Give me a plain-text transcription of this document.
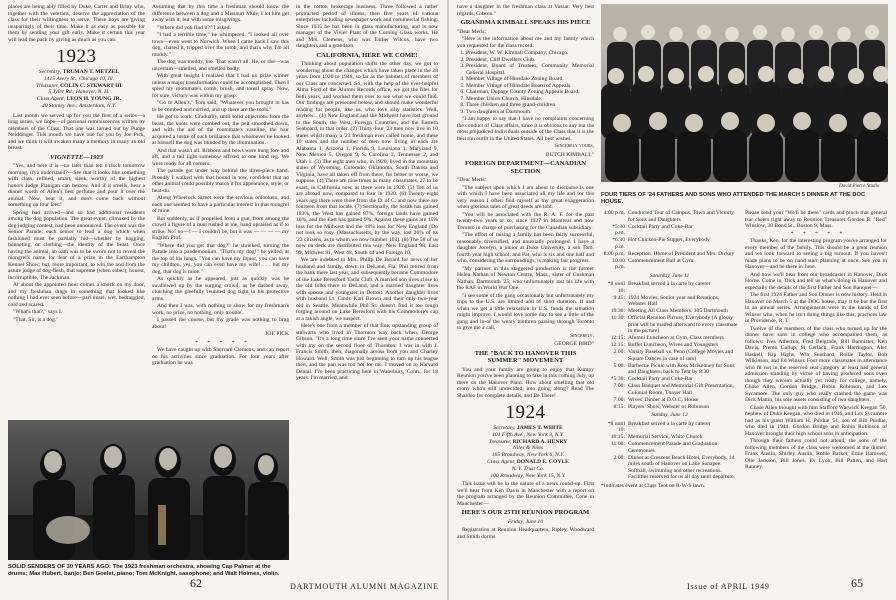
places are being ably filled by Duke, Carter and Briny who, together with the veterans, deserve the appreciation of the class for their willingness to serve. These boys are giving unsparingly of their time. Make it as easy as possible for them by sending your gift early. Make it certain this year will lead the pack by giving as much as you can.

1923

Secretary, TRUMAN T. METZEL

1415 Avery St., Chicago 10, Ill.

Treasurer, COLIN C. STEWART III

5 Tyler Rd., Hanover, N. H.

Class Agent, LEON H. YOUNG JR.

40 Stanley Ave., Amsterdam, N.Y.

Last month we served up for you the first of a series—a long series, we hope—of personal reminiscences written by members of the Class. That one was turned out by Pudge Neiddinger. This month we have one for you by Joe Pick, and we think it will awaken many a memory in many an old breast.

VIGNETTE—1923

"Yes, and here it is—no later than ten o'clock tomorrow morning, d'ya understand?—See that it looks like something with class, refined, smart, sleek, worthy of the highest honors Judge Flanigan can bestow. And if it smells, hear a dinner worth of Allen's best perfume and pour it over the animal. Now, beat it, and don't come back without something on four feet."

Spring had arrived—and so had additional residents among the dog population. The great event, climaxed by the dog judging contest, had been announced. The event was the Senior Parade, each senior to lead a dog which when fashioned must be partially hid—whether by bagging, bonneting, or clothing—the identity of the beast. Once having the animal, an oath was to be sworn not to reveal the mongrel's name for fear of a prize in the Earthampton Kennel Show; but, more important, to win the nod from the astute judge of dog-flesh, that supreme (when sober), honest, incorruptible, The Jackman.

At about the appointed hour comes a knock on my door, and my freshman drags in something that looked like nothing I had ever seen before—part tinsel, wet, bedraggled, cold and scared.

"What's that?," says I.

"That, Sir, is a dog."

Assuming that by this time a freshman should know the difference between a dog and a Missouri Mule, I let him get away with it, but with some misgivings.

"Where did you find it?" I asked.

"I had a terrible time," he whimpered. "I looked all over town—even went to Norwich. When I came back I saw this dog, chased it, tripped over the tomb, and that's why I'm all muddy."

The dog was muddy, too. That wasn't all. He, or she—was uncertain—smelled, and smelled badly.

With great insight I realized that I had no prize winner unless a major transformation could be accomplished. Then I spied my roommate's comb, brush, and tonsil spray. Now, for sure, victory was within my grasp.

"Go to Allen's," Tom said, "Whatever you brought in has to be combed and curried, and up there are the tools."

He got to work. Gradually, until solid objections from the beast, the knots were combed out, the pelt smoothed down, and with the aid of the roommate's vaseline, the hair acquired a lustre of such brilliance that whomever he looked at himself the dog was blinded by the illumination.

And that wasn't all. Ribbons and bows were hung fore and aft, and a tail light somehow affixed to one hind leg. We were ready for all comers.

The parade got under way behind the three-piece band. Proudly I walked with that hound in tow, confident that no other animal could possibly match it for appearance, style, or heat-du.

Along Wheelock Street were the envious onlookers, and each one seemed to have a particular interest in that mongrel of mine.

But suddenly, as if propelled from a gun, from among the crowd a figure of a man rushed at me, hand upraised as if to strike. No! no—! — I couldn't be, but it was — — — — my English Prof.

"Where did you get that dog?" he shrieked, turning the Parade into a pandemonium. "That's my dog!" he yelled, at the top of his lungs. "You can have my liquor, you can have my children, yes, you can even have my wife! . . . but my dog, that dog is mine."

As quickly as he appeared, just as quickly was he swallowed up by the surging crowd, as he dashed away, clutching the gleefully reunited dog tight in his protective arms.

And then I was, with nothing to show for my freshman's work, no prize, no nothing, only trouble.

I passed the course, but my grade was nothing to brag about!

JOE PICK

* * * * *

We have caught up with Sherrard Clemens, and can report on his activities since graduation. For four years after graduation he was

in the cotton brokerage business. Three followed a rather protracted period of illness, then five years of various enterprises including newspaper work and commercial fishing. Since 1935 he has been in glass manufacturing, and is now manager of the Vivier Plant of the Corning Glass works. He and Mrs. Clemens, who was Esther Wilcox, have two daughters and a grandson.

CALIFORNIA, HERE WE COME!

Thinking about population shifts the other day, we got to wondering about the changes which have taken place in the 28 years from 1920 to 1948, so far as the habitats of members of our Class are concerned. So, with the help of the ever-helpful Alma Ford of the Alumni Records office, we got the files for both years, and worked them over to see what we could find. Our findings are presented below, and should make wonderful reading for people, like us, who love silly statistics. Well, anyhow... (1) New England and the Midwest have lost ground to the South, the West, Foreign Countries, and the Eastern Seaboard, in that order. (2) Thirty-four '23 men now live in 10 states which many a '23 freshman ever called home, and these 10 states and the number of men now living in each are Alabama 1, Arizona 1, Florida 9, Louisiana 1, Maryland 9, New Mexico 5, Oregon 9, S. Carolina 2, Tennessee 2, and Utah 1. (3) The eight men who, in 1920, lived in the mountain states of Wyoming, Colorado, Oklahoma, South Dakota and Virginia, have all taken off from there, for better or worse, we suppose. (4) There are nine times as many classmates, 27 to be exact, in California now, as there were in 1920. (5) Ten of us are abroad now, compared to four in 1920. (6) Twenty-eight years ago there were three from the D. of C. and now there are fourteen from that locale. (7) Sectionally, the South has gained 183%, the West has gained 87%, foreign lands have gained 16%, and the East has gained 9%. Against these gains are 15% loss for the Midwest and the 18% loss for New England (Do not look so rosy. (Massachusetts, by the way, lost 26% of its '23 citizens, as to whom we now number 103). (8) The 58 of us now on deck are distributed this way: New England 98, East 99, Midwest 91, West 48, South 44 and Foreign 10.

We are indebted to Mrs. Philip De Berard for news of her husband and family, down in DeLand, Fla. Phil retired from the bank there last year, and subsequently became Commodore of the Lake Beresford Yacht Club. A married son lives close to the old folks there in DeLand, and a married daughter lives with spouse and youngster in Detroit. Another daughter lives with husband Lt. Cmdr. Karl Brown and their only two-year old in Seattle. Meanwhile Phil Sr. doesn't find it too tough forging around on Lake Beresford with his Commodore's cap at a rakish angle, we suspect.

Here's one from a member of that fine, upstanding group of stalwarts who lived in Thornton way back when, George Gibson. "It's a long time since I've seen your name connected with my on the second floor of Thornton. I was in with J. Francis Smith, then, diagonally across from you and Charley Howard. Well, Smith was just beginning to turn up his league then, and the pan was too hot for me. I moved on to Harvard Dental. I've been practicing here in Waterbury, Conn., for 18 years. I'm married, and

SOLID SENDERS OF 30 YEARS AGO: The 1923 freshman orchestra, showing Cap Palmer at the drums; Max Hubert, banjo; Ben Goelet, piano; Tom McKnight, saxophone; and Walt Holmes, violin.
62	DARTMOUTH ALUMNI MAGAZINE

have a daughter in the freshman class at Vassar. Very best regards, Gibson."

GRANDMA KIMBALL SPEAKS HIS PIECE

"Dear Meris:

"Here is the information about me and my family which you requested for the class record:

1. President, W. W. Kimball Company, Chicago.
2. President, Cliff Dwellers Club.
3. President, Board of Trustees, Community Memorial General Hospital.
4. Member Village of Hinsdale Zoning Board.
5. Member Village of Hinsdale Board of Appeals.
6. Chairman, Dupage County Zoning Appeals Board.
7. Member Union Church, Hinsdale.
8. Three children and three grand-children.
9. Two daughters at Dartmouth.

"I am happy to say that I have no complaints concerning the conduct of Class affairs, since it is obvious to any but the most prejudiced individuals outside of the Class that it is the best run outfit in the United States. All best wishes.

Sincerely yours,

BUTCH KIMBALL"

FOREIGN DEPARTMENT—CANADIAN SECTION

"Dear Meris:

"The subject upon which I am about to discourse is one with which I have been associated all my life and for this very reason I often find myself at my great exaggeration when glorious tales of great deeds are told.

"You will be associated with the R. A. F. for the past twenty-two years or so, since 1927 in Montreal and now Toronto in charge of purchasing for the Canadian subsidiary.

"The effort of raising a family has been fairly successful, reasonably diversified, and unusually prolonged. I have a daughter Jocelyn, a junior at Duke University, a son Tom, fourth year high school; and Pat, who is six and one half and who, considering the surroundings, is making fair progress.

"My partner in this staggered production is the former Helen Nathan of Newton Centre, Mass., sister of Cushman Nathan, Dartmouth '25, who unfortunately lost his life with the RAF in World War One.

"I see some of the gang occasionally but unfortunately my trips to the U.S. are limited and of short duration. If and when we get a little relaxation in U.S. funds the situation might improve. I would love some day to see a little of the gang and in-of the weary brethren passing through Toronto to give me a call.

Sincerely,

GEORGE BIRD"

THE "BACK TO HANOVER THIS SUMMER" MOVEMENT

You and your family are going to enjoy that Kumpy Reunion you've been planning to take in this coming July, up there on the Hanover Plain. How about smelling that old crony who's still undecided, into going along? Read The Shaldoo for complete details, and Be There!

1924

Secretary, JAMES T. WHITE

101 Fifth Ave., New York 3, N.Y.

Treasurer, RICHARD A. HENRY

Niles & Niles

165 Broadway, New York 6, N.Y.

Class Agent, DONALD E. COYLE

N. Y. Trust Co.

100 Broadway, New York 15, N.Y.

This issue will be in the nature of a news round-up. First we'll hear from Ken Davis in Manchester with a report on the program arranged by the Reunion Committee, Cone in Manchester—

HERE'S OUR 25TH REUNION PROGRAM

Friday, June 10

Registration at Reunion Headquarters, Ripley, Woodward and Smith dorms

David Pierce Studio
FOUR TIERS OF '24 FATHERS AND SONS WHO ATTENDED THE MARCH 5 DINNER AT THE DOC HOUSE.
4:00 p.m. Conducted Tour of Campus, Town and Vicinity for Sons and Daughters
*5:30 p.m.
Cocktail Party and Coke-Bar
*6:30 p.m.
Hot Chicken-Pie Supper, Everybody
8:00 p.m. Reception, Home of President and Mrs. Dickey
10:00 p.m.
Commencement Ball at Gym

Saturday, June 11

*8 until 10:
Breakfast served à la carte by caterer
9:45: 1924 Movies, Senior year and Reunions, Webster Hall
10:30: Meeting All Class Members, 105 Dartmouth
11:30: Official Reunion Picture, Everybody (A glossy print will be mailed afterward to every classmate in the picture)
12:15: Alumni Luncheon at Gym, Class members
12:15: Buffet Luncheon, Wives and Youngsters
2:00: Varsity Baseball vs. Penn (College Movies and Square Dances in case of rain)
5:00: Barbecue Picnic with Ross McKenney for Sons and Daughters, back to Tent by 8:30
*5:30: Cocktail Party and Coke-Bar
7:00: Class Banquet and Memorial Gift Presentation, Colonial Room, Thayer Hall
7:00: Wives' Dinner at D.O.C. House
8:15: Players' Show, Webster or Robinson

Sunday, June 12

*8 until 10:
Breakfast served à la carte by caterer
10:15: Memorial Service, White Church
11:00: Commencement Parade and Graduation Ceremonies
2:00: Dinner at Crescent Beach Hotel, Everybody. 14 miles south of Hanover on Lake Sunapee. Softball, swimming and other recreations. Facilities reserved for us all day until departure.

*Indicates event at Class Tent on R-W-S lawn.

Please send your "We'll be there" cards and pinch that general tsar cheers right away to Reunion Treasurer Gordon B. "Red" Winslow, 30 Bond St., Boston 9, Mass.

* * * * *

Thanks, Ken, for the interesting program you've arranged for every member of the family. This should be a great reunion and we look forward to seeing a big turnout. If you haven't made plans to be on hand start planning at once. See you in Hanover—and be there in June.

And now we'll hear from our broadcaster in Hanover, Dick Horne. Come in, Dick and tell us what's doing in Hanover and especially the details of the first Father and Son Banquet—

The first 1924 Father and Son Dinner is now history. Held in Hanover on March 5 at the DOC house, may it be but the first in an annual series. Arrangements were in the hands of Ed Winsor who, when he isn't doing things like this, practices law in Providence, R. I.

Twelve of the members of the class who turned up for the dinner have sons in college who accompanied them, as follows: Ives Atherton, Fred Belgrade, Bill Bannister, Ken Davis, Premo Gallup, Si Gerlach, Frank Harrington, Alec Haskell, Kip Highs, Win Southard, Rollie Taylor, Bob Wilkinson, and Ed Winsor. Four more classmates in attendance who fit not in the reserved seat category at least had general admission standing by virtue of having produced sons even though they weren't actually yet ready for college, namely, Chase Allen, Gordon Bridge, Robin Robinson, and Lex Sycamore. The only guy who really crashed the game was Dick Mattin, his sole assets consisting of two daughters.

Chase Allen brought with him Stafford Warwick Keegan '50, nephew of Duke Keegan, who died in 1946, and Lex Sycamore had as his guest William H. Purdue '51, son of Bill Purdue, who died in 1944. Gordon Bridge and Robin Robinson of Hanover brought their high school sons in anticipation.

Through their fathers could not attend, the sons of the following members of the class were welcomed at the dinner: Frank Austin, Shirley Austin, Rollie Barker, Ernie Barovets, Otie Jackson, Bill Jones, Ev Lyon, Bill Patten, and Hart Ranney.

Issue of APRIL 1949	65
